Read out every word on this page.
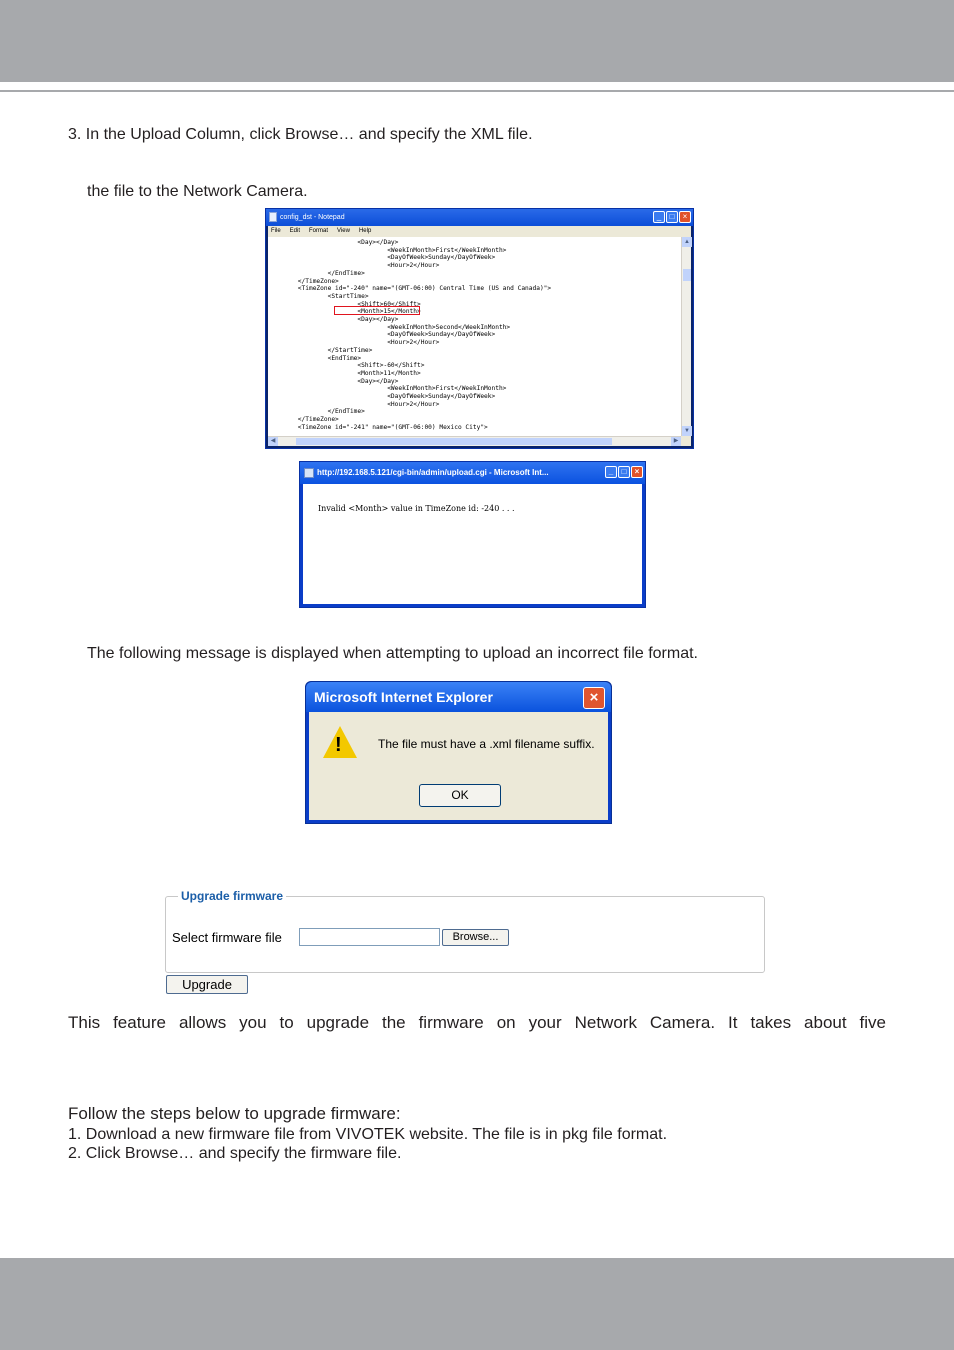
3. In the Upload Column, click Browse… and specify the XML file.
the file to the Network Camera.
config_dst - Notepad	_	□	×
File Edit Format View Help
<Day></Day>
<WeekInMonth>First</WeekInMonth>
<DayOfWeek>Sunday</DayOfWeek>
<Hour>2</Hour>
</EndTime>
</TimeZone>
<TimeZone id="-240" name="(GMT-06:00) Central Time (US and Canada)">
<StartTime>
<Shift>60</Shift>
<Month>15</Month>
<Day></Day>
<WeekInMonth>Second</WeekInMonth>
<DayOfWeek>Sunday</DayOfWeek>
<Hour>2</Hour>
</StartTime>
<EndTime>
<Shift>-60</Shift>
<Month>11</Month>
<Day></Day>
<WeekInMonth>First</WeekInMonth>
<DayOfWeek>Sunday</DayOfWeek>
<Hour>2</Hour>
</EndTime>
</TimeZone>
<TimeZone id="-241" name="(GMT-06:00) Mexico City">
▲
▼
◀	▶
http://192.168.5.121/cgi-bin/admin/upload.cgi - Microsoft Int...	_	□	×
Invalid <Month> value in TimeZone id: -240 . . .
The following message is displayed when attempting to upload an incorrect file format.
Microsoft Internet Explorer	×
!	The file must have a .xml filename suffix.
OK
Upgrade firmware
Select firmware file	Browse...
Upgrade
This feature allows you to upgrade the firmware on your Network Camera. It takes about five
Follow the steps below to upgrade firmware:
1. Download a new firmware file from VIVOTEK website. The file is in pkg file format.
2. Click Browse… and specify the firmware file.
